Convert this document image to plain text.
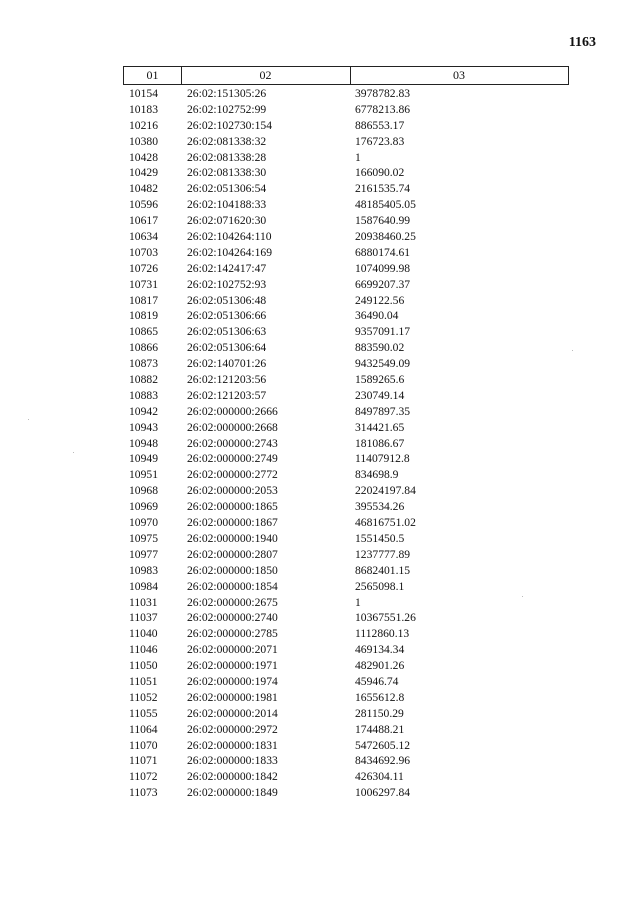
1163
01	02	03
10154	26:02:151305:26	3978782.83
10183	26:02:102752:99	6778213.86
10216	26:02:102730:154	886553.17
10380	26:02:081338:32	176723.83
10428	26:02:081338:28	1
10429	26:02:081338:30	166090.02
10482	26:02:051306:54	2161535.74
10596	26:02:104188:33	48185405.05
10617	26:02:071620:30	1587640.99
10634	26:02:104264:110	20938460.25
10703	26:02:104264:169	6880174.61
10726	26:02:142417:47	1074099.98
10731	26:02:102752:93	6699207.37
10817	26:02:051306:48	249122.56
10819	26:02:051306:66	36490.04
10865	26:02:051306:63	9357091.17
10866	26:02:051306:64	883590.02
10873	26:02:140701:26	9432549.09
10882	26:02:121203:56	1589265.6
10883	26:02:121203:57	230749.14
10942	26:02:000000:2666	8497897.35
10943	26:02:000000:2668	314421.65
10948	26:02:000000:2743	181086.67
10949	26:02:000000:2749	11407912.8
10951	26:02:000000:2772	834698.9
10968	26:02:000000:2053	22024197.84
10969	26:02:000000:1865	395534.26
10970	26:02:000000:1867	46816751.02
10975	26:02:000000:1940	1551450.5
10977	26:02:000000:2807	1237777.89
10983	26:02:000000:1850	8682401.15
10984	26:02:000000:1854	2565098.1
11031	26:02:000000:2675	1
11037	26:02:000000:2740	10367551.26
11040	26:02:000000:2785	1112860.13
11046	26:02:000000:2071	469134.34
11050	26:02:000000:1971	482901.26
11051	26:02:000000:1974	45946.74
11052	26:02:000000:1981	1655612.8
11055	26:02:000000:2014	281150.29
11064	26:02:000000:2972	174488.21
11070	26:02:000000:1831	5472605.12
11071	26:02:000000:1833	8434692.96
11072	26:02:000000:1842	426304.11
11073	26:02:000000:1849	1006297.84
